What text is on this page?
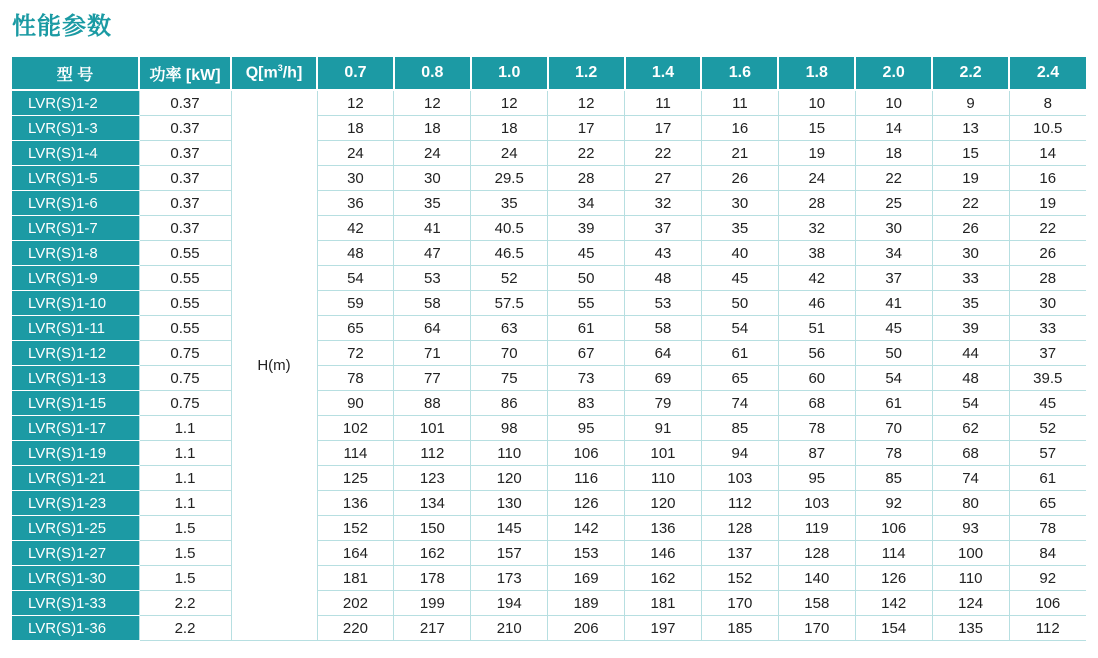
性能参数
型 号	功率 [kW]	$Q[m^3/h]$	0.7	0.8	1.0	1.2	1.4	1.6	1.8	2.0	2.2	2.4
LVR(S)1-2	0.37	H(m)	12	12	12	12	11	11	10	10	9	8
LVR(S)1-3	0.37		18	18	18	17	17	16	15	14	13	10.5
LVR(S)1-4	0.37		24	24	24	22	22	21	19	18	15	14
LVR(S)1-5	0.37		30	30	29.5	28	27	26	24	22	19	16
LVR(S)1-6	0.37		36	35	35	34	32	30	28	25	22	19
LVR(S)1-7	0.37		42	41	40.5	39	37	35	32	30	26	22
LVR(S)1-8	0.55		48	47	46.5	45	43	40	38	34	30	26
LVR(S)1-9	0.55		54	53	52	50	48	45	42	37	33	28
LVR(S)1-10	0.55		59	58	57.5	55	53	50	46	41	35	30
LVR(S)1-11	0.55		65	64	63	61	58	54	51	45	39	33
LVR(S)1-12	0.75		72	71	70	67	64	61	56	50	44	37
LVR(S)1-13	0.75		78	77	75	73	69	65	60	54	48	39.5
LVR(S)1-15	0.75		90	88	86	83	79	74	68	61	54	45
LVR(S)1-17	1.1		102	101	98	95	91	85	78	70	62	52
LVR(S)1-19	1.1		114	112	110	106	101	94	87	78	68	57
LVR(S)1-21	1.1		125	123	120	116	110	103	95	85	74	61
LVR(S)1-23	1.1		136	134	130	126	120	112	103	92	80	65
LVR(S)1-25	1.5		152	150	145	142	136	128	119	106	93	78
LVR(S)1-27	1.5		164	162	157	153	146	137	128	114	100	84
LVR(S)1-30	1.5		181	178	173	169	162	152	140	126	110	92
LVR(S)1-33	2.2		202	199	194	189	181	170	158	142	124	106
LVR(S)1-36	2.2		220	217	210	206	197	185	170	154	135	112
